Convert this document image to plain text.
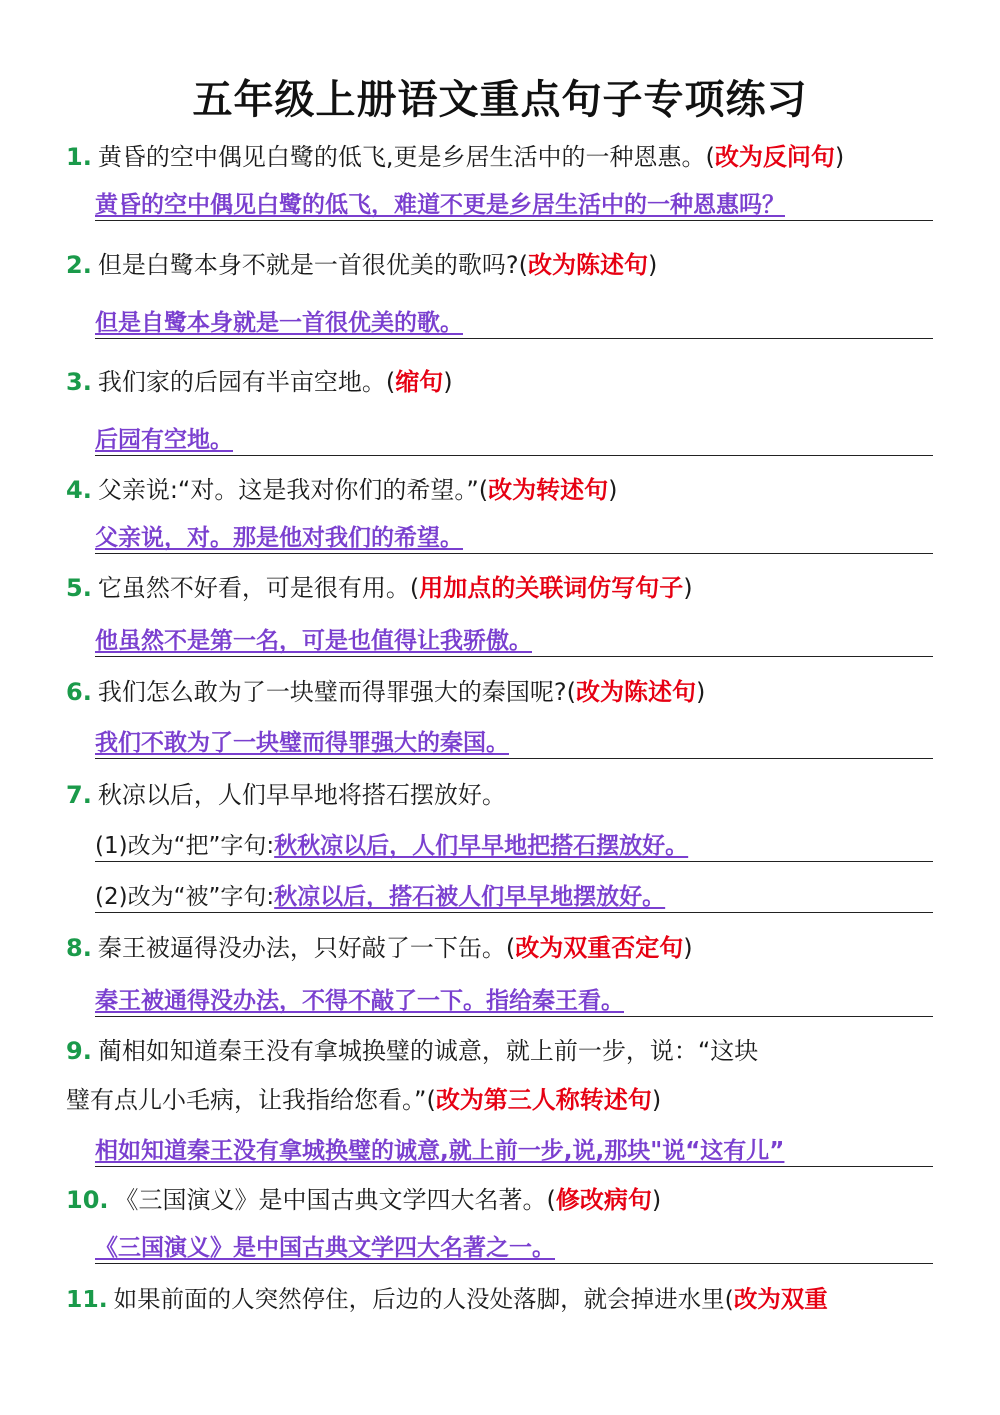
五年级上册语文重点句子专项练习
1. 黄昏的空中偶见白鹭的低飞,更是乡居生活中的一种恩惠。(改为反问句)
黄昏的空中偶见白鹭的低飞，难道不更是乡居生活中的一种恩惠吗？
2. 但是白鹭本身不就是一首很优美的歌吗?(改为陈述句)
但是自鹭本身就是一首很优美的歌。
3. 我们家的后园有半亩空地。(缩句)
后园有空地。
4. 父亲说:“对。这是我对你们的希望。”(改为转述句)
父亲说，对。那是他对我们的希望。
5. 它虽然不好看，可是很有用。(用加点的关联词仿写句子)
他虽然不是第一名，可是也值得让我骄傲。
6. 我们怎么敢为了一块璧而得罪强大的秦国呢?(改为陈述句)
我们不敢为了一块璧而得罪强大的秦国。
7. 秋凉以后，人们早早地将搭石摆放好。
(1)改为“把”字句:秋秋凉以后，人们早早地把搭石摆放好。
(2)改为“被”字句:秋凉以后，搭石被人们早早地摆放好。
8. 秦王被逼得没办法，只好敲了一下缶。(改为双重否定句)
秦王被通得没办法，不得不敲了一下。指给秦王看。
9. 蔺相如知道秦王没有拿城换璧的诚意，就上前一步，说：“这块
璧有点儿小毛病，让我指给您看。”(改为第三人称转述句)
相如知道秦王没有拿城换璧的诚意,就上前一步,说,那块"说“这有儿”
10. 《三国演义》是中国古典文学四大名著。(修改病句)
《三国演义》是中国古典文学四大名著之一。
11. 如果前面的人突然停住，后边的人没处落脚，就会掉进水里(改为双重
